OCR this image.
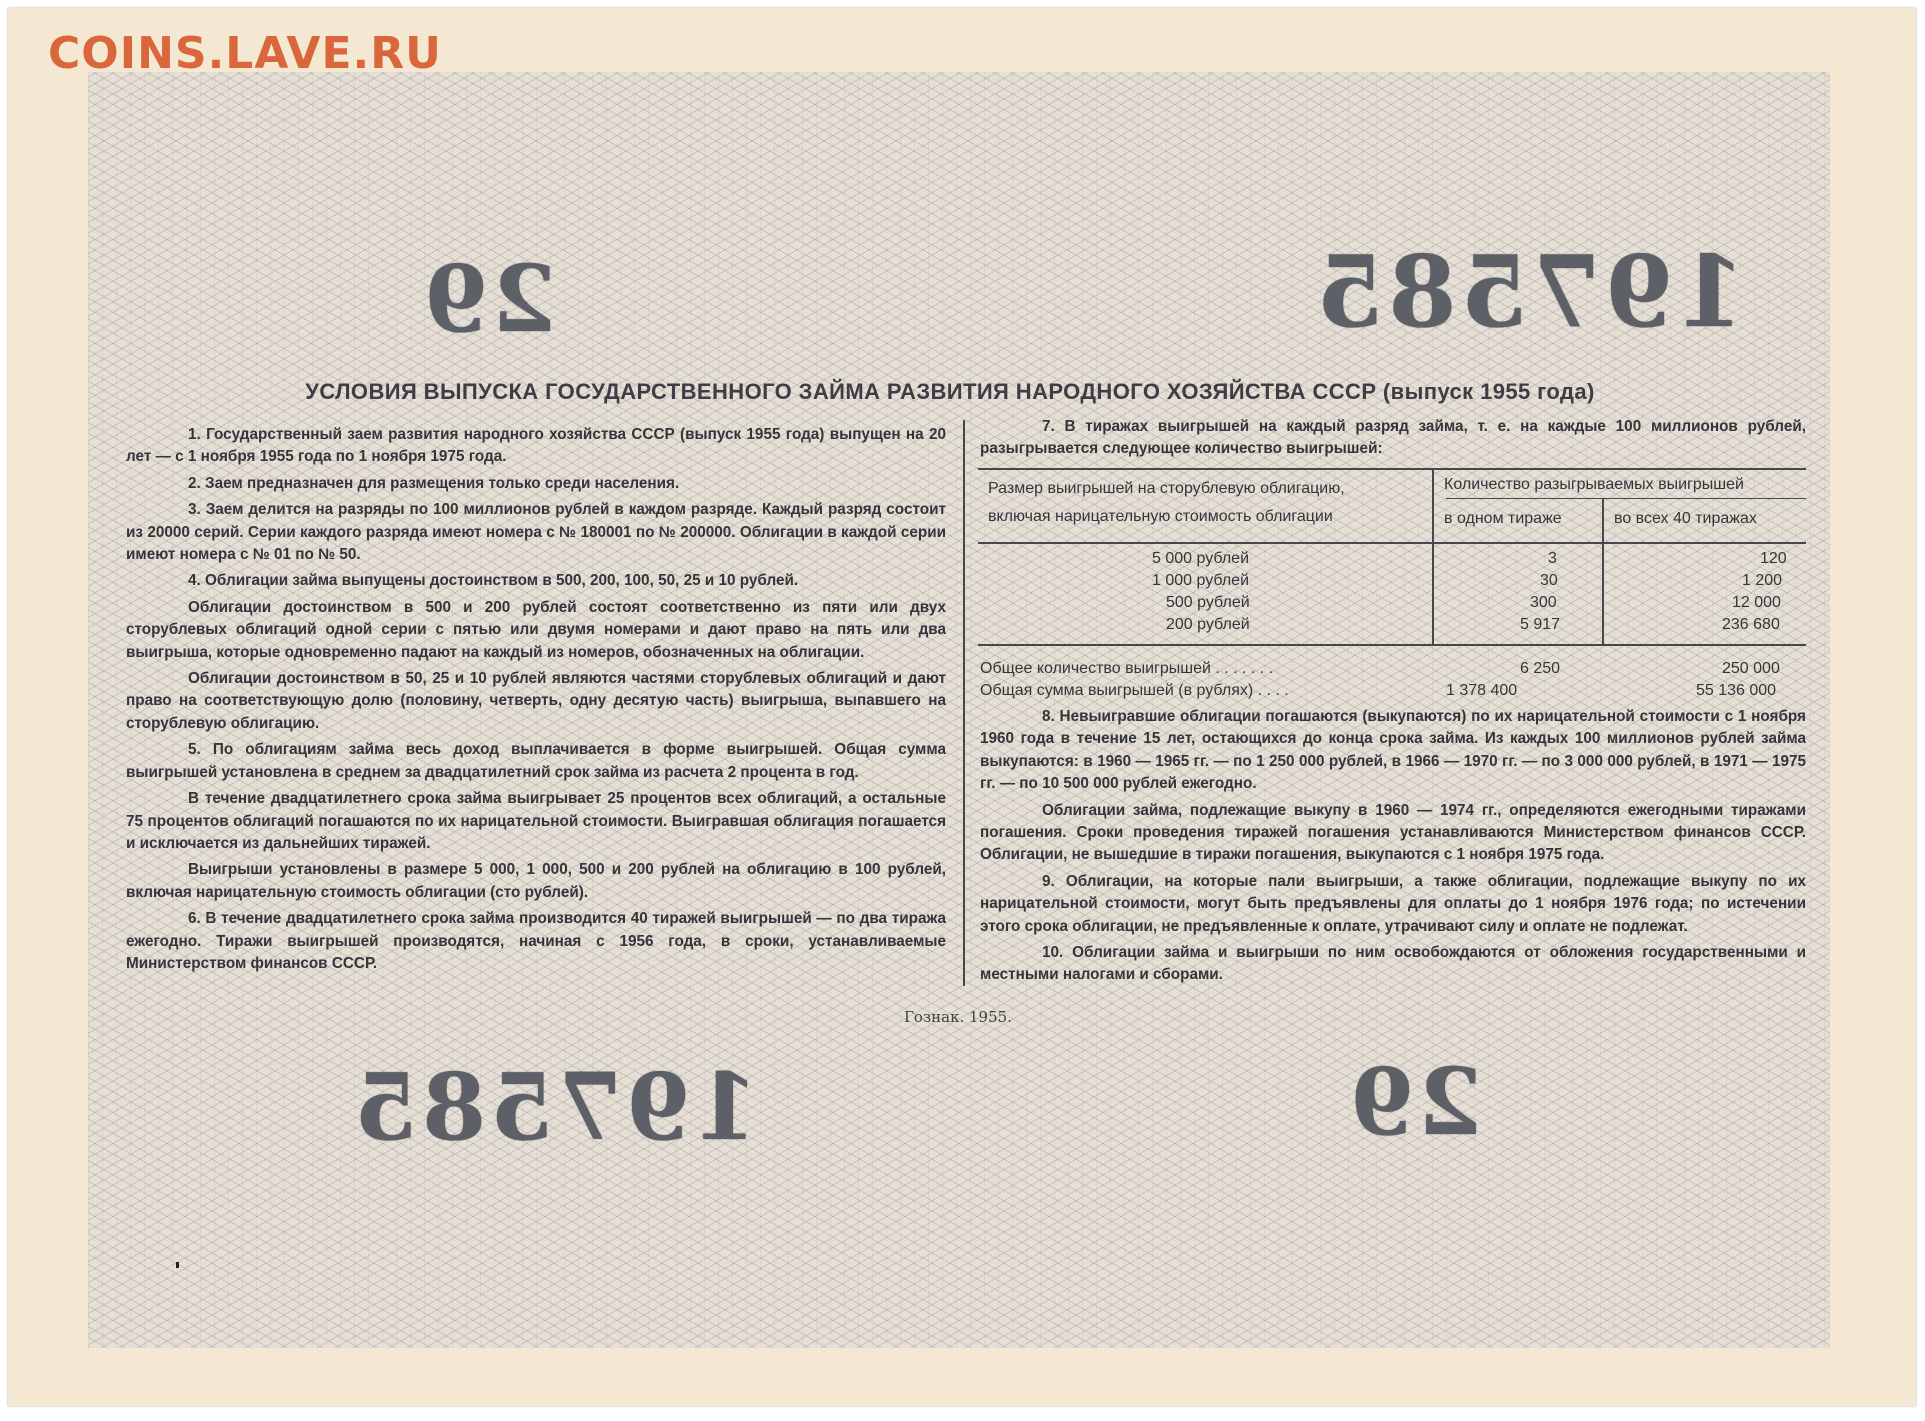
COINS.LAVE.RU
29	197585
УСЛОВИЯ ВЫПУСКА ГОСУДАРСТВЕННОГО ЗАЙМА РАЗВИТИЯ НАРОДНОГО ХОЗЯЙСТВА СССР (выпуск 1955 года)

1. Государственный заем развития народного хозяйства СССР (выпуск 1955 года) выпущен на 20 лет — с 1 ноября 1955 года по 1 ноября 1975 года.

2. Заем предназначен для размещения только среди населения.

3. Заем делится на разряды по 100 миллионов рублей в каждом разряде. Каждый разряд состоит из 20000 серий. Серии каждого разряда имеют номера с № 180001 по № 200000. Облигации в каждой серии имеют номера с № 01 по № 50.

4. Облигации займа выпущены достоинством в 500, 200, 100, 50, 25 и 10 рублей.

Облигации достоинством в 500 и 200 рублей состоят соответственно из пяти или двух сторублевых облигаций одной серии с пятью или двумя номерами и дают право на пять или два выигрыша, которые одновременно падают на каждый из номеров, обозначенных на облигации.

Облигации достоинством в 50, 25 и 10 рублей являются частями сторублевых облигаций и дают право на соответствующую долю (половину, четверть, одну десятую часть) выигрыша, выпавшего на сторублевую облигацию.

5. По облигациям займа весь доход выплачивается в форме выигрышей. Общая сумма выигрышей установлена в среднем за двадцатилетний срок займа из расчета 2 процента в год.

В течение двадцатилетнего срока займа выигрывает 25 процентов всех облигаций, а остальные 75 процентов облигаций погашаются по их нарицательной стоимости. Выигравшая облигация погашается и исключается из дальнейших тиражей.

Выигрыши установлены в размере 5 000, 1 000, 500 и 200 рублей на облигацию в 100 рублей, включая нарицательную стоимость облигации (сто рублей).

6. В течение двадцатилетнего срока займа производится 40 тиражей выигрышей — по два тиража ежегодно. Тиражи выигрышей производятся, начиная с 1956 года, в сроки, устанавливаемые Министерством финансов СССР.

7. В тиражах выигрышей на каждый разряд займа, т. е. на каждые 100 миллионов рублей, разыгрывается следующее количество выигрышей:

Размер выигрышей на сторублевую облигацию,
включая нарицательную стоимость облигации
Количество разыгрываемых выигрышей
в одном тираже	во всех 40 тиражах
5 000 рублей	3	120
1 000 рублей	30	1 200
500 рублей	300	12 000
200 рублей	5 917	236 680
Общее количество выигрышей . . . . . . .	6 250	250 000
Общая сумма выигрышей (в рублях) . . . .	1 378 400	55 136 000

8. Невыигравшие облигации погашаются (выкупаются) по их нарицательной стоимости с 1 ноября 1960 года в течение 15 лет, остающихся до конца срока займа. Из каждых 100 миллионов рублей займа выкупаются: в 1960 — 1965 гг. — по 1 250 000 рублей, в 1966 — 1970 гг. — по 3 000 000 рублей, в 1971 — 1975 гг. — по 10 500 000 рублей ежегодно.

Облигации займа, подлежащие выкупу в 1960 — 1974 гг., определяются ежегодными тиражами погашения. Сроки проведения тиражей погашения устанавливаются Министерством финансов СССР. Облигации, не вышедшие в тиражи погашения, выкупаются с 1 ноября 1975 года.

9. Облигации, на которые пали выигрыши, а также облигации, подлежащие выкупу по их нарицательной стоимости, могут быть предъявлены для оплаты до 1 ноября 1976 года; по истечении этого срока облигации, не предъявленные к оплате, утрачивают силу и оплате не подлежат.

10. Облигации займа и выигрыши по ним освобождаются от обложения государственными и местными налогами и сборами.

Гознак. 1955.
197585	29
